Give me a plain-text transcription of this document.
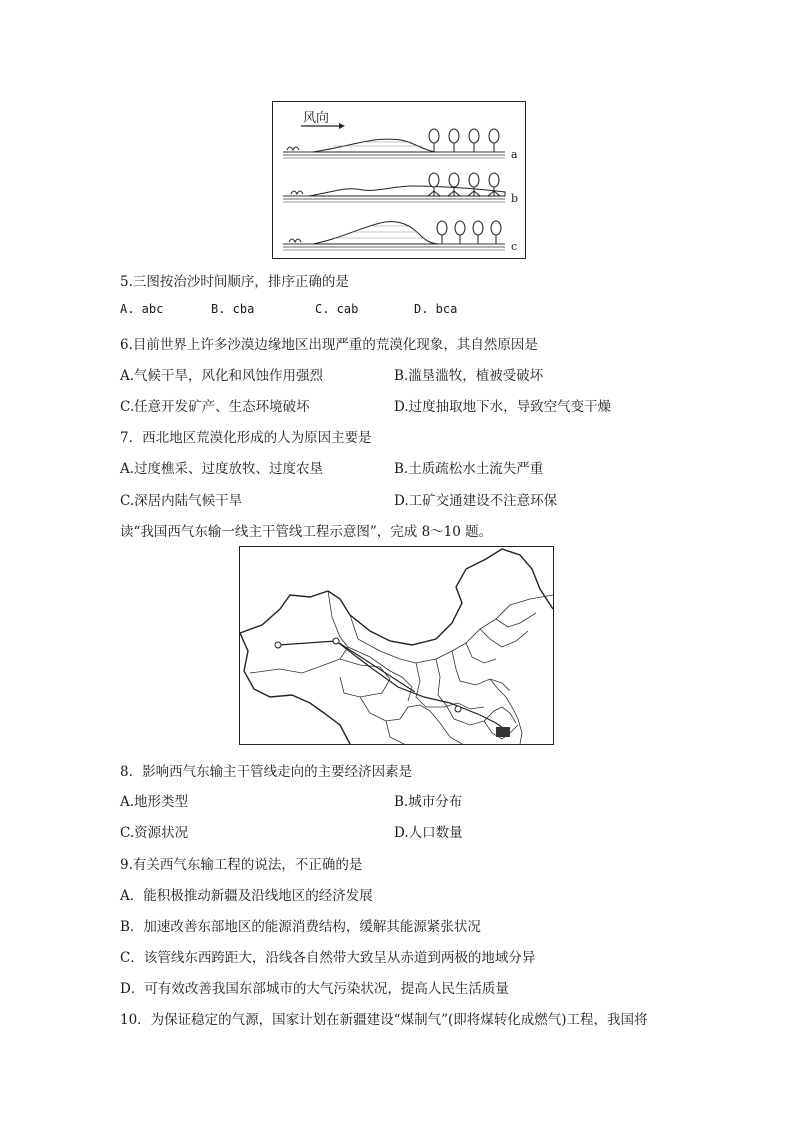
风向
a
b
c
5.三图按治沙时间顺序，排序正确的是
A. abc	B. cba	C. cab	D. bca
6.目前世界上许多沙漠边缘地区出现严重的荒漠化现象，其自然原因是
A.气候干旱，风化和风蚀作用强烈	B.滥垦滥牧，植被受破坏
C.任意开发矿产、生态环境破坏	D.过度抽取地下水，导致空气变干燥
7．西北地区荒漠化形成的人为原因主要是
A.过度樵采、过度放牧、过度农垦	B.土质疏松水土流失严重
C.深居内陆气候干旱	D.工矿交通建设不注意环保
读“我国西气东输一线主干管线工程示意图”，完成 8～10 题。
8．影响西气东输主干管线走向的主要经济因素是
A.地形类型	B.城市分布
C.资源状况	D.人口数量
9.有关西气东输工程的说法，不正确的是
A．能积极推动新疆及沿线地区的经济发展
B．加速改善东部地区的能源消费结构，缓解其能源紧张状况
C．该管线东西跨距大，沿线各自然带大致呈从赤道到两极的地域分异
D．可有效改善我国东部城市的大气污染状况，提高人民生活质量
10．为保证稳定的气源，国家计划在新疆建设“煤制气”(即将煤转化成燃气)工程，我国将
